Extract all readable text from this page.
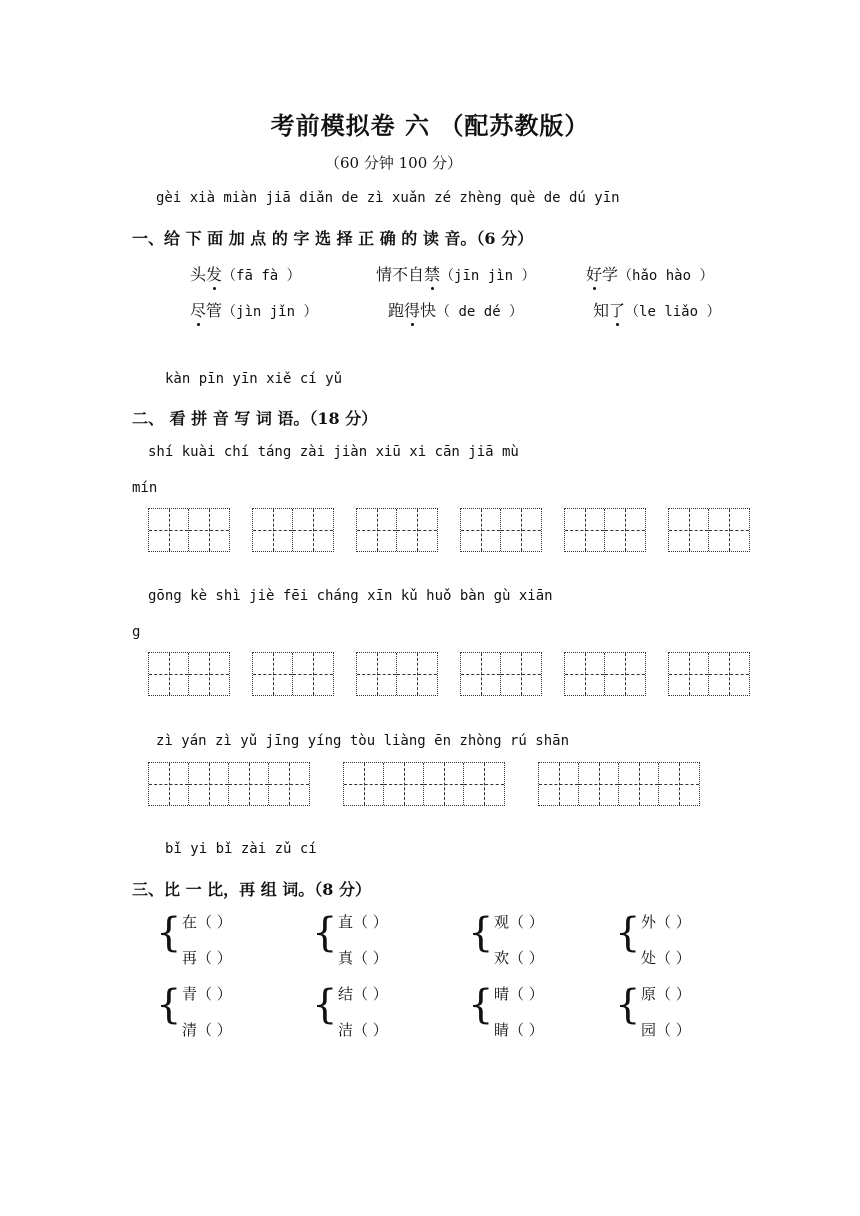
考前模拟卷 六 （配苏教版）
（60 分钟 100 分）
gèi xià miàn jiā diǎn de zì xuǎn zé zhèng què de dú yīn
一、给 下 面 加 点 的 字 选 择 正 确 的 读 音。（6 分）
头发（fā fà ）	情不自禁（jīn jìn ）	好学（hǎo hào ）
尽管（jìn jǐn ）	跑得快（ de dé ）	知了（le liǎo ）
kàn pīn yīn xiě cí yǔ
二、 看 拼 音 写 词 语。（18 分）
shí kuài chí táng zài jiàn xiū xi cān jiā mù
mín
gōng kè shì jiè fēi cháng xīn kǔ huǒ bàn gù xiān
g
zì yán zì yǔ jīng yíng tòu liàng ēn zhòng rú shān
bǐ yi bǐ zài zǔ cí
三、比 一 比，再 组 词。（8 分）
{ 在（ ）
再（ ）
{ 直（ ）
真（ ）
{ 观（ ）
欢（ ）
{ 外（ ）
处（ ）
{ 青（ ）
清（ ）
{ 结（ ）
洁（ ）
{ 晴（ ）
睛（ ）
{ 原（ ）
园（ ）
